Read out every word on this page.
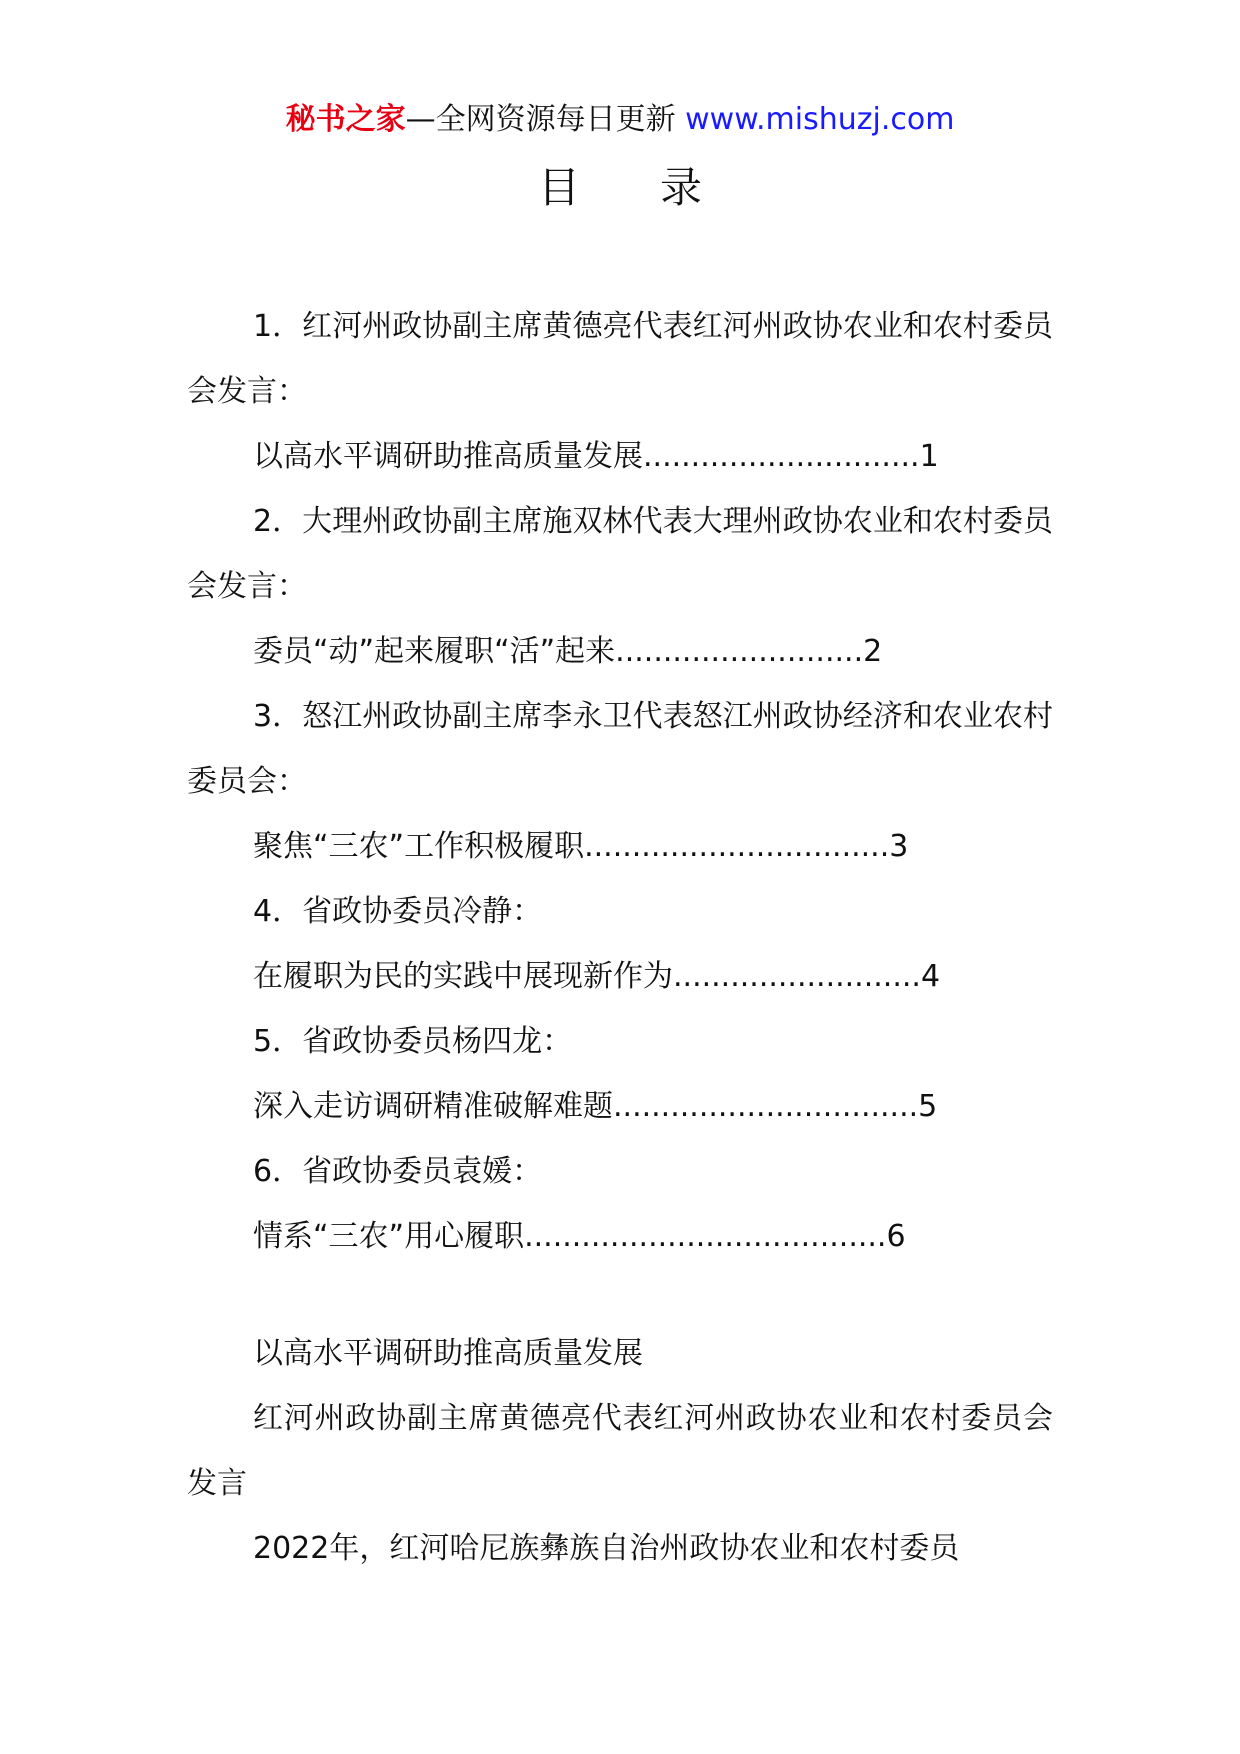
秘书之家—全网资源每日更新 www.mishuzj.com
目 录

1．红河州政协副主席黄德亮代表红河州政协农业和农村委员会发言：

以高水平调研助推高质量发展.............................1

2．大理州政协副主席施双林代表大理州政协农业和农村委员会发言：

委员“动”起来履职“活”起来..........................2

3．怒江州政协副主席李永卫代表怒江州政协经济和农业农村委员会：

聚焦“三农”工作积极履职................................3

4．省政协委员冷静：

在履职为民的实践中展现新作为..........................4

5．省政协委员杨四龙：

深入走访调研精准破解难题................................5

6．省政协委员袁媛：

情系“三农”用心履职......................................6

以高水平调研助推高质量发展

红河州政协副主席黄德亮代表红河州政协农业和农村委员会发言

2022年，红河哈尼族彝族自治州政协农业和农村委员
